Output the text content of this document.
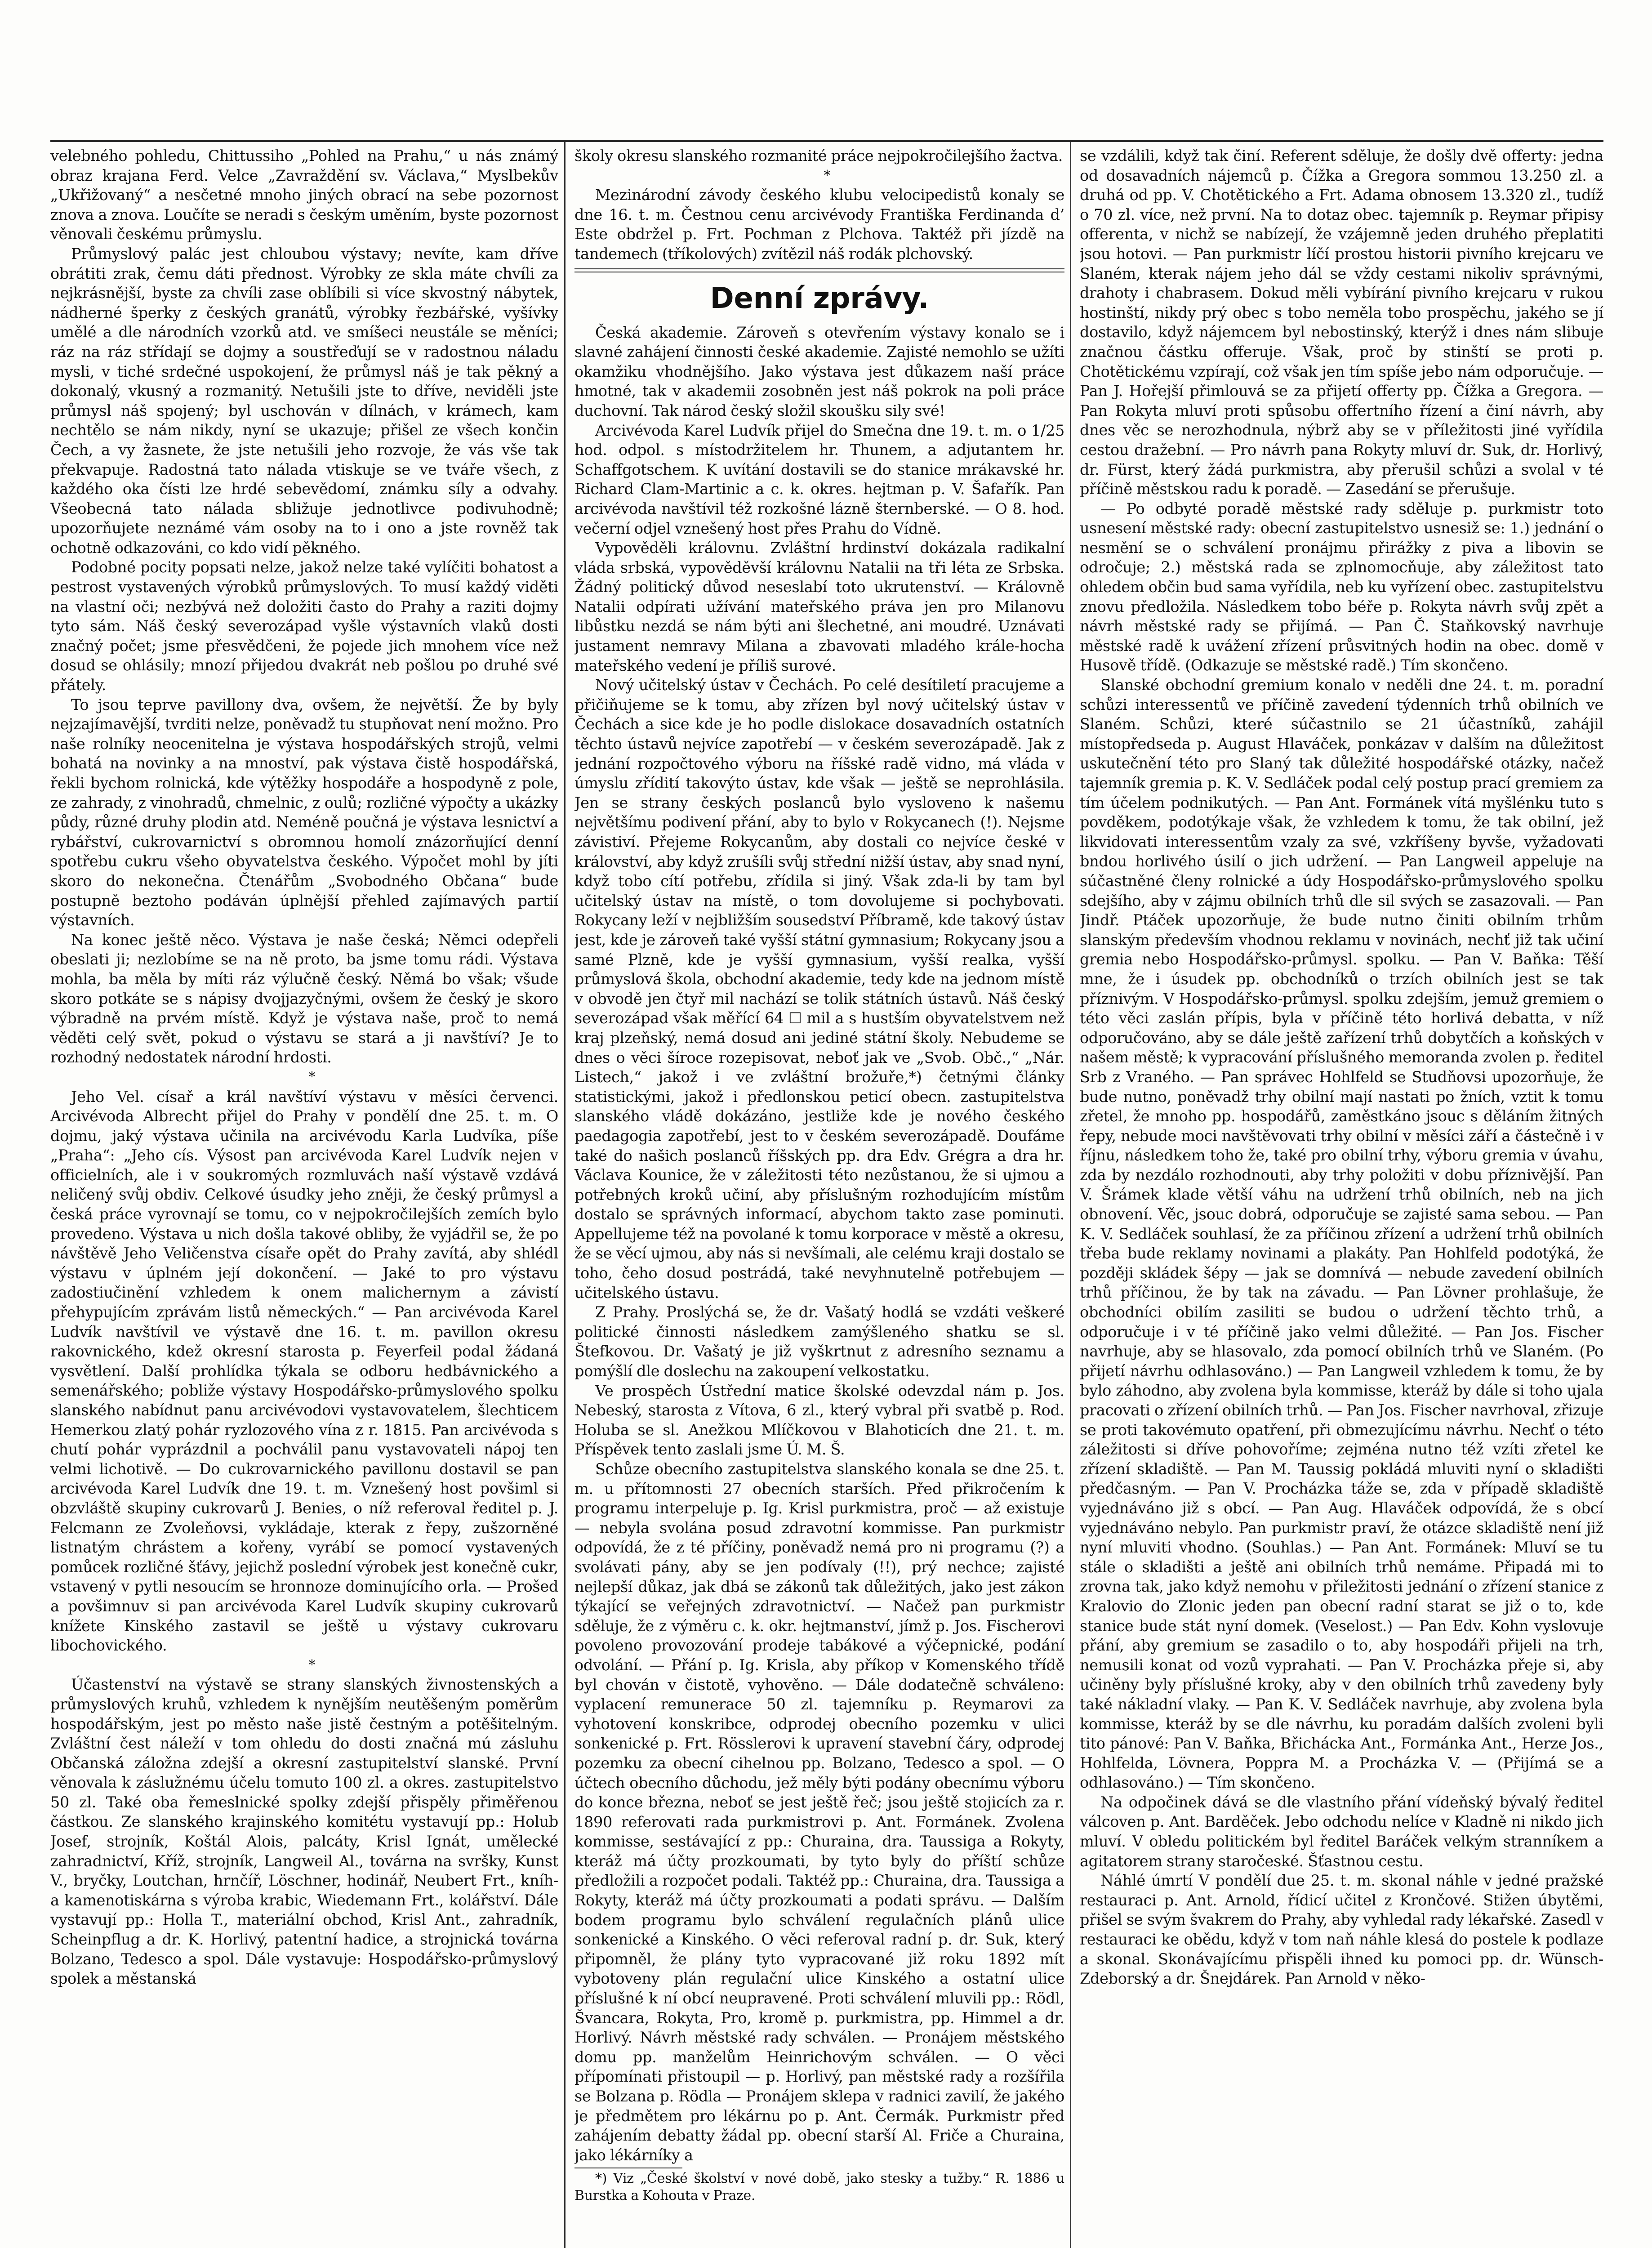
velebného pohledu, Chittussiho „Pohled na Prahu,“ u nás známý obraz krajana Ferd. Velce „Zavraždění sv. Václava,“ Myslbekův „Ukřižovaný“ a nesčetné mnoho jiných obrací na sebe pozornost znova a znova. Loučíte se neradi s českým uměním, byste pozornost věnovali českému průmyslu.

Průmyslový palác jest chloubou výstavy; nevíte, kam dříve obrátiti zrak, čemu dáti přednost. Výrobky ze skla máte chvíli za nejkrásnější, byste za chvíli zase oblíbili si více skvostný nábytek, nádherné šperky z českých granátů, výrobky řezbářské, vyšívky umělé a dle národních vzorků atd. ve smíšeci neustále se měníci; ráz na ráz střídají se dojmy a soustřeďují se v radostnou náladu mysli, v tiché srdečné uspokojení, že průmysl náš je tak pěkný a dokonalý, vkusný a rozmanitý. Netušili jste to dříve, neviděli jste průmysl náš spojený; byl uschován v dílnách, v krámech, kam nechtělo se nám nikdy, nyní se ukazuje; přišel ze všech končin Čech, a vy žasnete, že jste netušili jeho rozvoje, že vás vše tak překvapuje. Radostná tato nálada vtiskuje se ve tváře všech, z každého oka čísti lze hrdé sebevědomí, známku síly a odvahy. Všeobecná tato nálada sbližuje jednotlivce podivuhodně; upozorňujete neznámé vám osoby na to i ono a jste rovněž tak ochotně odkazováni, co kdo vidí pěkného.

Podobné pocity popsati nelze, jakož nelze také vylíčiti bohatost a pestrost vystavených výrobků průmyslových. To musí každý viděti na vlastní oči; nezbývá než doložiti často do Prahy a raziti dojmy tyto sám. Náš český severozápad vyšle výstavních vlaků dosti značný počet; jsme přesvědčeni, že pojede jich mnohem více než dosud se ohlásily; mnozí přijedou dvakrát neb pošlou po druhé své přátely.

To jsou teprve pavillony dva, ovšem, že největší. Že by byly nejzajímavější, tvrditi nelze, poněvadž tu stupňovat není možno. Pro naše rolníky neocenitelna je výstava hospodářských strojů, velmi bohatá na novinky a na mnoství, pak výstava čistě hospodářská, řekli bychom rolnická, kde výtěžky hospodáře a hospodyně z pole, ze zahrady, z vinohradů, chmelnic, z oulů; rozličné výpočty a ukázky půdy, různé druhy plodin atd. Neméně poučná je výstava lesnictví a rybářství, cukrovarnictví s obromnou homolí znázorňující denní spotřebu cukru všeho obyvatelstva českého. Výpočet mohl by jíti skoro do nekonečna. Čtenářům „Svobodného Občana“ bude postupně beztoho podáván úplnější přehled zajímavých partií výstavních.

Na konec ještě něco. Výstava je naše česká; Němci odepřeli obeslati ji; nezlobíme se na ně proto, ba jsme tomu rádi. Výstava mohla, ba měla by míti ráz výlučně český. Němá bo však; všude skoro potkáte se s nápisy dvojjazyčnými, ovšem že český je skoro výbradně na prvém místě. Když je výstava naše, proč to nemá věděti celý svět, pokud o výstavu se stará a ji navštíví? Je to rozhodný nedostatek národní hrdosti.

*

Jeho Vel. císař a král navštíví výstavu v měsíci červenci. Arcivévoda Albrecht přijel do Prahy v pondělí dne 25. t. m. O dojmu, jaký výstava učinila na arcivévodu Karla Ludvíka, píše „Praha“: „Jeho cís. Výsost pan arcivévoda Karel Ludvík nejen v officielních, ale i v soukromých rozmluvách naší výstavě vzdává neličený svůj obdiv. Celkové úsudky jeho zněji, že český průmysl a česká práce vyrovnají se tomu, co v nejpokročilejších zemích bylo provedeno. Výstava u nich došla takové obliby, že vyjádřil se, že po návštěvě Jeho Veličenstva císaře opět do Prahy zavítá, aby shlédl výstavu v úplném její dokončení. — Jaké to pro výstavu zadostiučinění vzhledem k onem malichernym a závistí přehypujícím zprávám listů německých.“ — Pan arcivévoda Karel Ludvík navštívil ve výstavě dne 16. t. m. pavillon okresu rakovnického, kdež okresní starosta p. Feyerfeil podal žádaná vysvětlení. Další prohlídka týkala se odboru hedbávnického a semenářského; pobliže výstavy Hospodářsko-průmyslového spolku slanského nabídnut panu arcivévodovi vystavovatelem, šlechticem Hemerkou zlatý pohár ryzlozového vína z r. 1815. Pan arcivévoda s chutí pohár vyprázdnil a pochválil panu vystavovateli nápoj ten velmi lichotivě. — Do cukrovarnického pavillonu dostavil se pan arcivévoda Karel Ludvík dne 19. t. m. Vznešený host povšiml si obzvláště skupiny cukrovarů J. Benies, o níž referoval ředitel p. J. Felcmann ze Zvoleňovsi, vykládaje, kterak z řepy, zušzorněné listnatým chrástem a kořeny, vyrábí se pomocí vystavených pomůcek rozličné šťávy, jejichž poslední výrobek jest konečně cukr, vstavený v pytli nesoucím se hronnoze dominujícího orla. — Prošed a povšimnuv si pan arcivévoda Karel Ludvík skupiny cukrovarů knížete Kinského zastavil se ještě u výstavy cukrovaru libochovického.

*

Účastenství na výstavě se strany slanských živnostenských a průmyslových kruhů, vzhledem k nynějším neutěšeným poměrům hospodářským, jest po město naše jistě čestným a potěšitelným. Zvláštní čest náleží v tom ohledu do dosti značná mú zásluhu Občanská záložna zdejší a okresní zastupitelství slanské. První věnovala k záslužnému účelu tomuto 100 zl. a okres. zastupitelstvo 50 zl. Také oba řemeslnické spolky zdejší přispěly přiměřenou částkou. Ze slanského krajinského komitétu vystavují pp.: Holub Josef, strojník, Koštál Alois, palcáty, Krisl Ignát, umělecké zahradnictví, Kříž, strojník, Langweil Al., továrna na svršky, Kunst V., bryčky, Loutchan, hrnčíř, Löschner, hodinář, Neubert Frt., kníh- a kamenotiskárna s výroba krabic, Wiedemann Frt., kolářství. Dále vystavují pp.: Holla T., materiální obchod, Krisl Ant., zahradník, Scheinpflug a dr. K. Horlivý, patentní hadice, a strojnická továrna Bolzano, Tedesco a spol. Dále vystavuje: Hospodářsko-průmyslový spolek a městanská

školy okresu slanského rozmanité práce nejpokročilejšího žactva.

*

Mezinárodní závody českého klubu velocipedistů konaly se dne 16. t. m. Čestnou cenu arcivévody Františka Ferdinanda d’ Este obdržel p. Frt. Pochman z Plchova. Taktéž při jízdě na tandemech (tříkolových) zvítězil náš rodák plchovský.

Denní zprávy.

Česká akademie. Zároveň s otevřením výstavy konalo se i slavné zahájení činnosti české akademie. Zajisté nemohlo se užíti okamžiku vhodnějšího. Jako výstava jest důkazem naší práce hmotné, tak v akademii zosobněn jest náš pokrok na poli práce duchovní. Tak národ český složil skoušku sily své!

Arcivévoda Karel Ludvík přijel do Smečna dne 19. t. m. o 1/25 hod. odpol. s místodržitelem hr. Thunem, a adjutantem hr. Schaffgotschem. K uvítání dostavili se do stanice mrákavské hr. Richard Clam-Martinic a c. k. okres. hejtman p. V. Šafařík. Pan arcivévoda navštívil též rozkošné lázně šternberské. — O 8. hod. večerní odjel vznešený host přes Prahu do Vídně.

Vypověděli královnu. Zvláštní hrdinství dokázala radikalní vláda srbská, vypověděvší královnu Natalii na tři léta ze Srbska. Žádný politický důvod neseslabí toto ukrutenství. — Královně Natalii odpírati užívání mateřského práva jen pro Milanovu libůstku nezdá se nám býti ani šlechetné, ani moudré. Uznávati justament nemravy Milana a zbavovati mladého krále-hocha mateřského vedení je příliš surové.

Nový učitelský ústav v Čechách. Po celé desítiletí pracujeme a přičiňujeme se k tomu, aby zřízen byl nový učitelský ústav v Čechách a sice kde je ho podle dislokace dosavadních ostatních těchto ústavů nejvíce zapotřebí — v českém severozápadě. Jak z jednání rozpočtového výboru na říšské radě vidno, má vláda v úmyslu zřídití takovýto ústav, kde však — ještě se neprohlásila. Jen se strany českých poslanců bylo vysloveno k našemu největšímu podivení přání, aby to bylo v Rokycanech (!). Nejsme závistiví. Přejeme Rokycanům, aby dostali co nejvíce české v království, aby když zrušíli svůj střední nižší ústav, aby snad nyní, když tobo cítí potřebu, zřídila si jiný. Však zda-li by tam byl učitelský ústav na místě, o tom dovolujeme si pochybovati. Rokycany leží v nejbližším sousedství Příbramě, kde takový ústav jest, kde je zároveň také vyšší státní gymnasium; Rokycany jsou a samé Plzně, kde je vyšší gymnasium, vyšší realka, vyšší průmyslová škola, obchodní akademie, tedy kde na jednom místě v obvodě jen čtyř mil nachází se tolik státních ústavů. Náš český severozápad však měřící 64 ☐ mil a s hustším obyvatelstvem než kraj plzeňský, nemá dosud ani jediné státní školy. Nebudeme se dnes o věci šíroce rozepisovat, neboť jak ve „Svob. Obč.,“ „Nár. Listech,“ jakož i ve zvláštní brožuře,*) četnými články statistickými, jakož i předlonskou peticí obecn. zastupitelstva slanského vládě dokázáno, jestliže kde je nového českého paedagogia zapotřebí, jest to v českém severozápadě. Doufáme také do našich poslanců říšských pp. dra Edv. Grégra a dra hr. Václava Kounice, že v záležitosti této nezůstanou, že si ujmou a potřebných kroků učiní, aby příslušným rozhodujícím místům dostalo se správných informací, abychom takto zase pominuti. Appellujeme též na povolané k tomu korporace v městě a okresu, že se věcí ujmou, aby nás si nevšímali, ale celému kraji dostalo se toho, čeho dosud postrádá, také nevyhnutelně potřebujem — učitelského ústavu.

Z Prahy. Proslýchá se, že dr. Vašatý hodlá se vzdáti veškeré politické činnosti následkem zamýšleného shatku se sl. Štefkovou. Dr. Vašatý je již vyškrtnut z adresního seznamu a pomýšlí dle doslechu na zakoupení velkostatku.

Ve prospěch Ústřední matice školské odevzdal nám p. Jos. Nebeský, starosta z Vítova, 6 zl., který vybral při svatbě p. Rod. Holuba se sl. Anežkou Mlíčkovou v Blahoticích dne 21. t. m. Příspěvek tento zaslali jsme Ú. M. Š.

Schůze obecního zastupitelstva slanského konala se dne 25. t. m. u přítomnosti 27 obecních starších. Před přikročením k programu interpeluje p. Ig. Krisl purkmistra, proč — až existuje — nebyla svolána posud zdravotní kommisse. Pan purkmistr odpovídá, že z té příčiny, poněvadž nemá pro ni programu (?) a svolávati pány, aby se jen podívaly (!!), prý nechce; zajisté nejlepší důkaz, jak dbá se zákonů tak důležitých, jako jest zákon týkající se veřejných zdravotnictví. — Načež pan purkmistr sděluje, že z výměru c. k. okr. hejtmanství, jímž p. Jos. Fischerovi povoleno provozování prodeje tabákové a výčepnické, podání odvolání. — Přání p. Ig. Krisla, aby příkop v Komenského třídě byl chován v čistotě, vyhověno. — Dále dodatečně schváleno: vyplacení remunerace 50 zl. tajemníku p. Reymarovi za vyhotovení konskribce, odprodej obecního pozemku v ulici sonkenické p. Frt. Rösslerovi k upravení stavební čáry, odprodej pozemku za obecní cihelnou pp. Bolzano, Tedesco a spol. — O účtech obecního důchodu, jež měly býti podány obecnímu výboru do konce března, neboť se jest ještě řeč; jsou ještě stojicích za r. 1890 referovati rada purkmistrovi p. Ant. Formánek. Zvolena kommisse, sestávající z pp.: Churaina, dra. Taussiga a Rokyty, kteráž má účty prozkoumati, by tyto byly do příští schůze předložili a rozpočet podali. Taktéž pp.: Churaina, dra. Taussiga a Rokyty, kteráž má účty prozkoumati a podati správu. — Dalším bodem programu bylo schválení regulačních plánů ulice sonkenické a Kinského. O věci referoval radní p. dr. Suk, který připomněl, že plány tyto vypracované již roku 1892 mít vybotoveny plán regulační ulice Kinského a ostatní ulice příslušné k ní obcí neupravené. Proti schválení mluvili pp.: Rödl, Švancara, Rokyta, Pro, kromě p. purkmistra, pp. Himmel a dr. Horlivý. Návrh městské rady schválen. — Pronájem městského domu pp. manželům Heinrichovým schválen. — O věci přípomínati přistoupil — p. Horlivý, pan městské rady a rozšířila se Bolzana p. Rödla — Pronájem sklepa v radnici zavilí, že jakého je předmětem pro lékárnu po p. Ant. Čermák. Purkmistr před zahájením debatty žádal pp. obecní starší Al. Friče a Churaina, jako lékárníky a

*) Viz „České školství v nové době, jako stesky a tužby.“ R. 1886 u Burstka a Kohouta v Praze.

se vzdálili, když tak činí. Referent sděluje, že došly dvě offerty: jedna od dosavadních nájemců p. Čížka a Gregora sommou 13.250 zl. a druhá od pp. V. Chotětického a Frt. Adama obnosem 13.320 zl., tudíž o 70 zl. více, než první. Na to dotaz obec. tajemník p. Reymar připisy offerenta, v nichž se nabízejí, že vzájemně jeden druhého přeplatiti jsou hotovi. — Pan purkmistr líčí prostou historii pivního krejcaru ve Slaném, kterak nájem jeho dál se vždy cestami nikoliv správnými, drahoty i chabrasem. Dokud měli vybírání pivního krejcaru v rukou hostinští, nikdy prý obec s tobo neměla tobo prospěchu, jakého se jí dostavilo, když nájemcem byl nebostinský, kterýž i dnes nám slibuje značnou částku offeruje. Však, proč by stinští se proti p. Chotětickému vzpírají, což však jen tím spíše jebo nám odporučuje. — Pan J. Hořejší přimlouvá se za přijetí offerty pp. Čížka a Gregora. — Pan Rokyta mluví proti spůsobu offertního řízení a činí návrh, aby dnes věc se nerozhodnula, nýbrž aby se v příležitosti jiné vyřídila cestou dražební. — Pro návrh pana Rokyty mluví dr. Suk, dr. Horlivý, dr. Fürst, který žádá purkmistra, aby přerušil schůzi a svolal v té příčině městskou radu k poradě. — Zasedání se přerušuje.

— Po odbyté poradě městské rady sděluje p. purkmistr toto usnesení městské rady: obecní zastupitelstvo usnesiž se: 1.) jednání o nesmění se o schválení pronájmu přirážky z piva a libovin se odročuje; 2.) městská rada se zplnomocňuje, aby záležitost tato ohledem občin bud sama vyřídila, neb ku vyřízení obec. zastupitelstvu znovu předložila. Následkem tobo béře p. Rokyta návrh svůj zpět a návrh městské rady se přijímá. — Pan Č. Staňkovský navrhuje městské radě k uvážení zřízení průsvitných hodin na obec. domě v Husově třídě. (Odkazuje se městské radě.) Tím skončeno.

Slanské obchodní gremium konalo v neděli dne 24. t. m. poradní schůzi interessentů ve příčině zavedení týdenních trhů obilních ve Slaném. Schůzi, které súčastnilo se 21 účastníků, zahájil místopředseda p. August Hlaváček, ponkázav v dalším na důležitost uskutečnění této pro Slaný tak důležité hospodářské otázky, načež tajemník gremia p. K. V. Sedláček podal celý postup prací gremiem za tím účelem podnikutých. — Pan Ant. Formánek vítá myšlénku tuto s povděkem, podotýkaje však, že vzhledem k tomu, že tak obilní, jež likvidovati interessentům vzaly za své, vzkříšeny byvše, vyžadovati bndou horlivého úsilí o jich udržení. — Pan Langweil appeluje na súčastněné členy rolnické a údy Hospodářsko-průmyslového spolku sdejšího, aby v zájmu obilních trhů dle sil svých se zasazovali. — Pan Jindř. Ptáček upozorňuje, že bude nutno činiti obilním trhům slanským především vhodnou reklamu v novinách, nechť již tak učiní gremia nebo Hospodářsko-průmysl. spolku. — Pan V. Baňka: Těší mne, že i úsudek pp. obchodníků o trzích obilních jest se tak příznivým. V Hospodářsko-průmysl. spolku zdejším, jemuž gremiem o této věci zaslán přípis, byla v příčině této horlivá debatta, v níž odporučováno, aby se dále ještě zařízení trhů dobytčích a koňských v našem městě; k vypracování příslušného memoranda zvolen p. ředitel Srb z Vraného. — Pan správec Hohlfeld se Studňovsi upozorňuje, že bude nutno, poněvadž trhy obilní mají nastati po žních, vztit k tomu zřetel, že mnoho pp. hospodářů, zaměstkáno jsouc s děláním žitných řepy, nebude moci navštěvovati trhy obilní v měsíci září a částečně i v říjnu, následkem toho že, také pro obilní trhy, výboru gremia v úvahu, zda by nezdálo rozhodnouti, aby trhy položiti v dobu příznivější. Pan V. Šrámek klade větší váhu na udržení trhů obilních, neb na jich obnovení. Věc, jsouc dobrá, odporučuje se zajisté sama sebou. — Pan K. V. Sedláček souhlasí, že za příčinou zřízení a udržení trhů obilních třeba bude reklamy novinami a plakáty. Pan Hohlfeld podotýká, že později skládek šépy — jak se domnívá — nebude zavedení obilních trhů příčinou, že by tak na závadu. — Pan Lövner prohlašuje, že obchodníci obilím zasiliti se budou o udržení těchto trhů, a odporučuje i v té příčině jako velmi důležité. — Pan Jos. Fischer navrhuje, aby se hlasovalo, zda pomocí obilních trhů ve Slaném. (Po přijetí návrhu odhlasováno.) — Pan Langweil vzhledem k tomu, že by bylo záhodno, aby zvolena byla kommisse, kteráž by dále si toho ujala pracovati o zřízení obilních trhů. — Pan Jos. Fischer navrhoval, zřizuje se proti takovémuto opatření, při obmezujícímu návrhu. Nechť o této záležitosti si dříve pohovoříme; zejména nutno též vzíti zřetel ke zřízení skladiště. — Pan M. Taussig pokládá mluviti nyní o skladišti předčasným. — Pan V. Procházka táže se, zda v případě skladiště vyjednáváno již s obcí. — Pan Aug. Hlaváček odpovídá, že s obcí vyjednáváno nebylo. Pan purkmistr praví, že otázce skladiště není již nyní mluviti vhodno. (Souhlas.) — Pan Ant. Formánek: Mluví se tu stále o skladišti a ještě ani obilních trhů nemáme. Připadá mi to zrovna tak, jako když nemohu v přiležitosti jednání o zřízení stanice z Kralovio do Zlonic jeden pan obecní radní starat se již o to, kde stanice bude stát nyní domek. (Veselost.) — Pan Edv. Kohn vyslovuje přání, aby gremium se zasadilo o to, aby hospodáři přijeli na trh, nemusili konat od vozů vyprahati. — Pan V. Procházka přeje si, aby učiněny byly příslušné kroky, aby v den obilních trhů zavedeny byly také nákladní vlaky. — Pan K. V. Sedláček navrhuje, aby zvolena byla kommisse, kteráž by se dle návrhu, ku poradám dalších zvoleni byli tito pánové: Pan V. Baňka, Břichácka Ant., Formánka Ant., Herze Jos., Hohlfelda, Lövnera, Poppra M. a Procházka V. — (Přijímá se a odhlasováno.) — Tím skončeno.

Na odpočinek dává se dle vlastního přání vídeňský bývalý ředitel válcoven p. Ant. Barděček. Jebo odchodu nelíce v Kladně ni nikdo jich mluví. V obledu politickém byl ředitel Baráček velkým stranníkem a agitatorem strany staročeské. Šťastnou cestu.

Náhlé úmrtí V pondělí due 25. t. m. skonal náhle v jedné pražské restauraci p. Ant. Arnold, řídicí učitel z Krončové. Stižen úbytěmi, přišel se svým švakrem do Prahy, aby vyhledal rady lékařské. Zasedl v restauraci ke obědu, když v tom naň náhle klesá do postele k podlaze a skonal. Skonávajícímu přispěli ihned ku pomoci pp. dr. Wünsch-Zdeborský a dr. Šnejdárek. Pan Arnold v něko-
